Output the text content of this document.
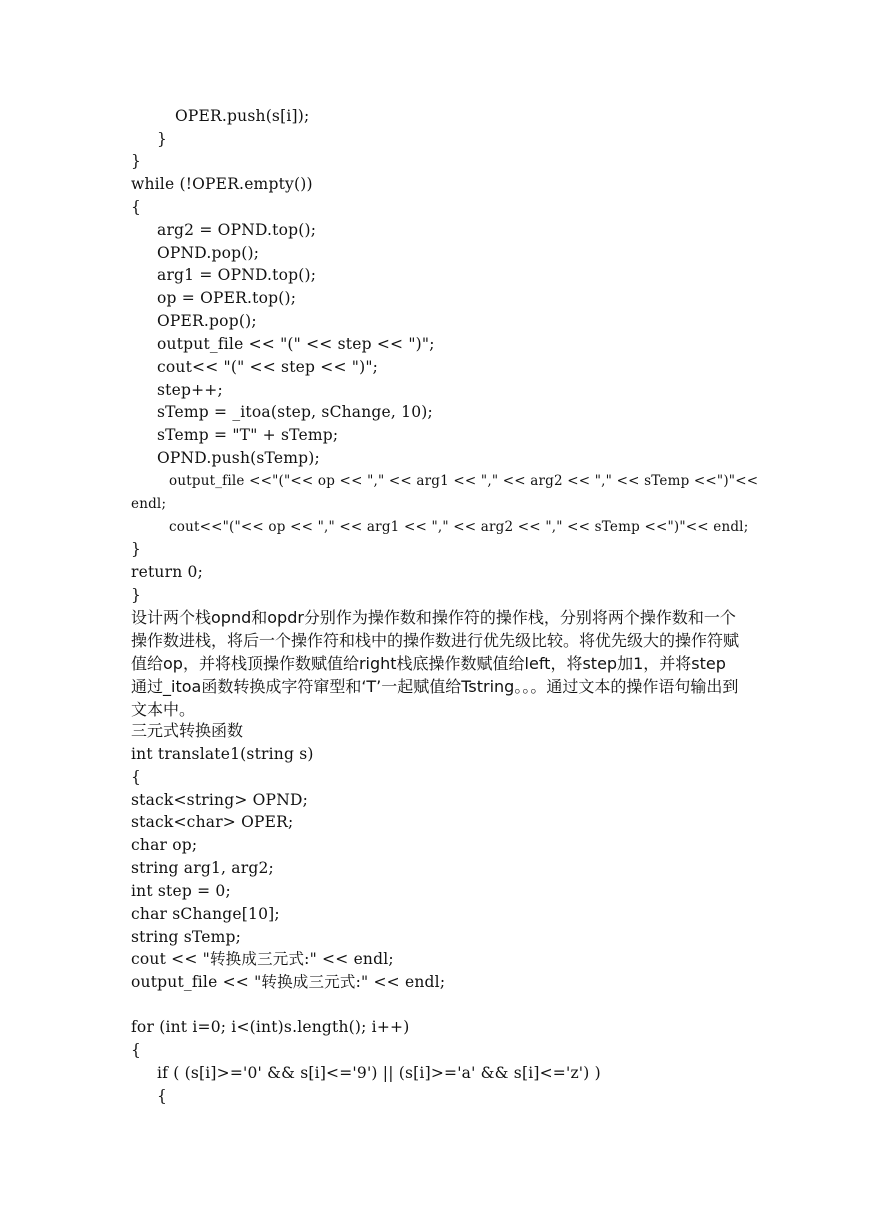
OPER.push(s[i]);
}
}
while (!OPER.empty())
{
arg2 = OPND.top();
OPND.pop();
arg1 = OPND.top();
op = OPER.top();
OPER.pop();
output_file << "(" << step << ")";
cout<< "(" << step << ")";
step++;
sTemp = _itoa(step, sChange, 10);
sTemp = "T" + sTemp;
OPND.push(sTemp);
output_file <<"("<< op << "," << arg1 << "," << arg2 << "," << sTemp <<")"<<
endl;
cout<<"("<< op << "," << arg1 << "," << arg2 << "," << sTemp <<")"<< endl;
}
return 0;
}
设计两个栈opnd和opdr分别作为操作数和操作符的操作栈，分别将两个操作数和一个操作数进栈，将后一个操作符和栈中的操作数进行优先级比较。将优先级大的操作符赋值给op，并将栈顶操作数赋值给right栈底操作数赋值给left，将step加1，并将step通过_itoa函数转换成字符窜型和‘T’一起赋值给Tstring。。。通过文本的操作语句输出到文本中。
三元式转换函数
int translate1(string s)
{
stack<string> OPND;
stack<char> OPER;
char op;
string arg1, arg2;
int step = 0;
char sChange[10];
string sTemp;
cout << "转换成三元式:" << endl;
output_file << "转换成三元式:" << endl;
for (int i=0; i<(int)s.length(); i++)
{
if ( (s[i]>='0' && s[i]<='9') || (s[i]>='a' && s[i]<='z') )
{
